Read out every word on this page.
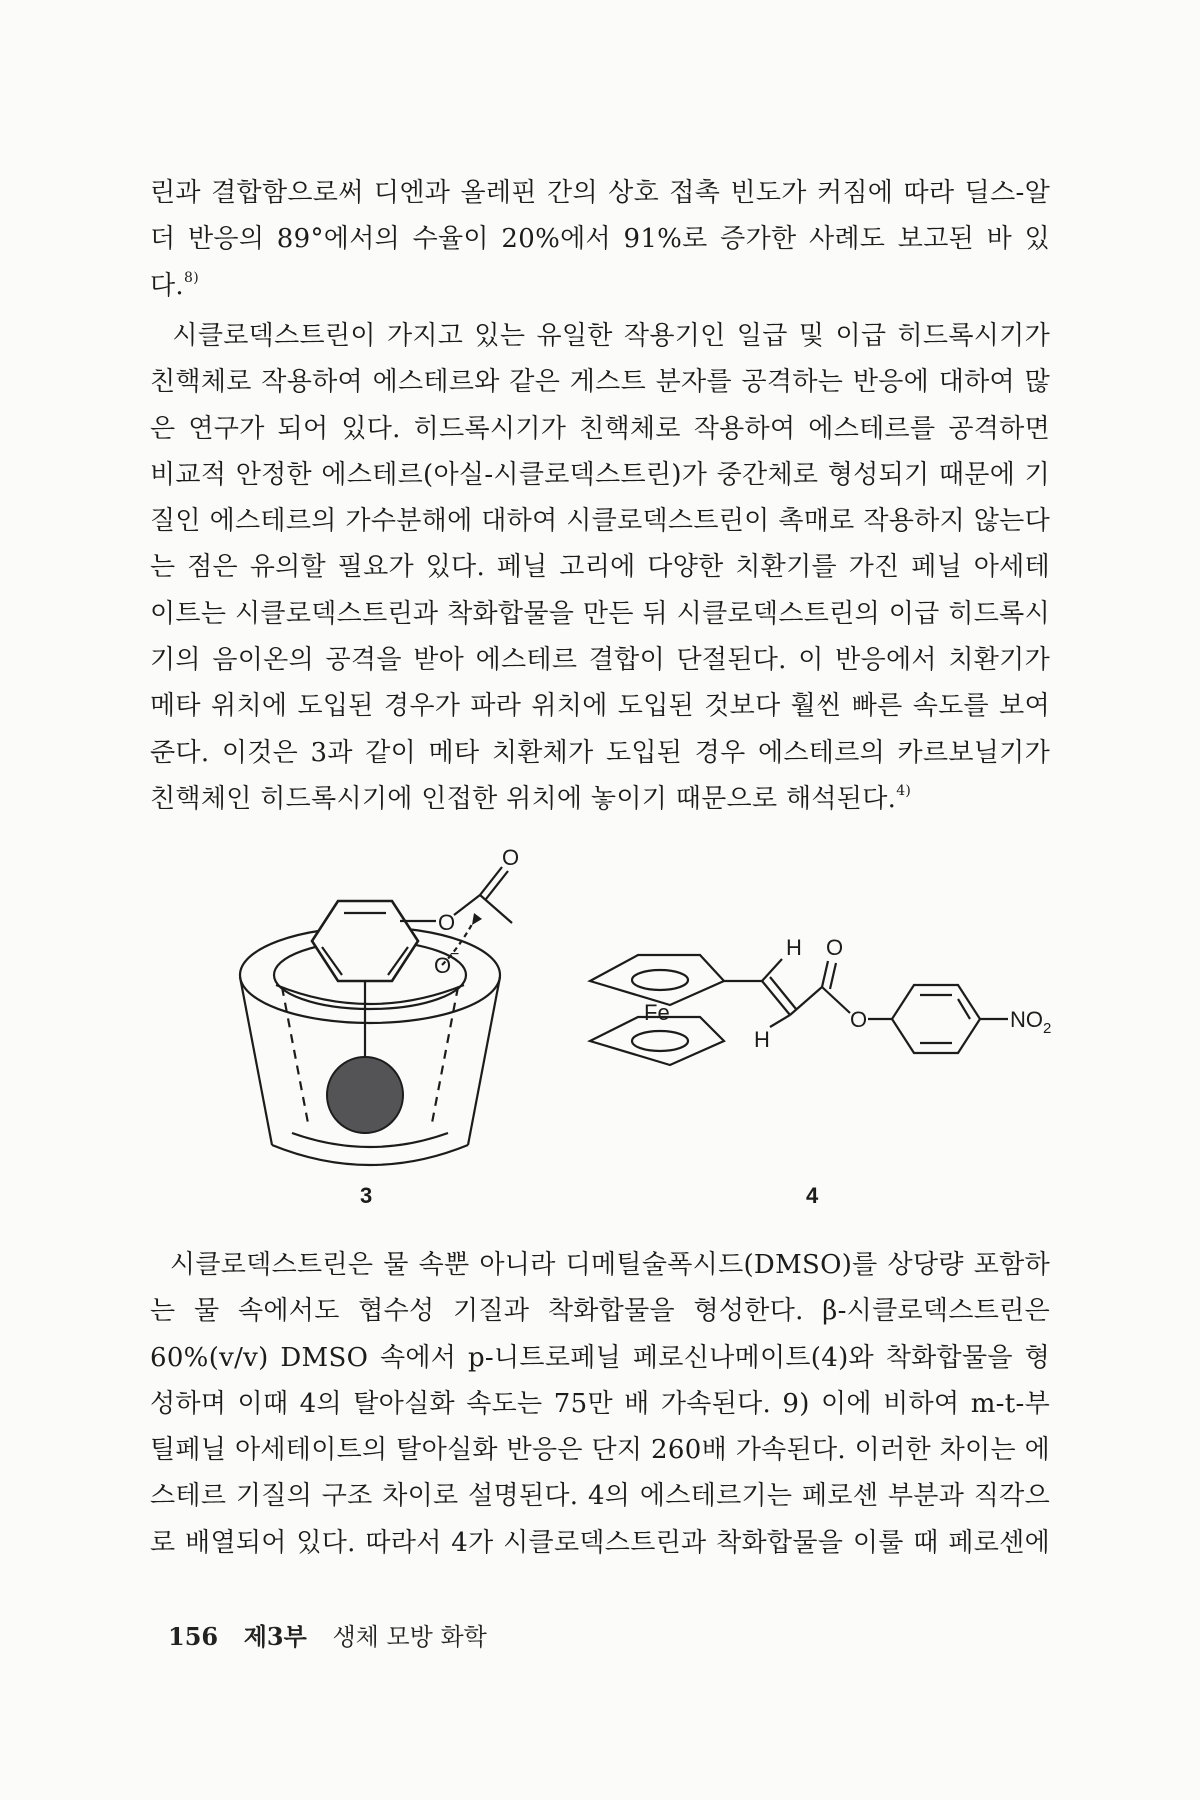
린과 결합함으로써 디엔과 올레핀 간의 상호 접촉 빈도가 커짐에 따라 딜스-알
더 반응의 89°에서의 수율이 20%에서 91%로 증가한 사례도 보고된 바 있
다.$^{8)}$
시클로덱스트린이 가지고 있는 유일한 작용기인 일급 및 이급 히드록시기가
친핵체로 작용하여 에스테르와 같은 게스트 분자를 공격하는 반응에 대하여 많
은 연구가 되어 있다. 히드록시기가 친핵체로 작용하여 에스테르를 공격하면
비교적 안정한 에스테르(아실-시클로덱스트린)가 중간체로 형성되기 때문에 기
질인 에스테르의 가수분해에 대하여 시클로덱스트린이 촉매로 작용하지 않는다
는 점은 유의할 필요가 있다. 페닐 고리에 다양한 치환기를 가진 페닐 아세테
이트는 시클로덱스트린과 착화합물을 만든 뒤 시클로덱스트린의 이급 히드록시
기의 음이온의 공격을 받아 에스테르 결합이 단절된다. 이 반응에서 치환기가
메타 위치에 도입된 경우가 파라 위치에 도입된 것보다 훨씬 빠른 속도를 보여
준다. 이것은 3과 같이 메타 치환체가 도입된 경우 에스테르의 카르보닐기가
친핵체인 히드록시기에 인접한 위치에 놓이기 때문으로 해석된다.$^{4)}$
O
O
O
−
3
H
H
Fe
O
O	$NO_2$
4
시클로덱스트린은 물 속뿐 아니라 디메틸술폭시드(DMSO)를 상당량 포함하
는 물 속에서도 협수성 기질과 착화합물을 형성한다. β-시클로덱스트린은
60%(v/v) DMSO 속에서 p-니트로페닐 페로신나메이트(4)와 착화합물을 형
성하며 이때 4의 탈아실화 속도는 75만 배 가속된다. 9) 이에 비하여 m-t-부
틸페닐 아세테이트의 탈아실화 반응은 단지 260배 가속된다. 이러한 차이는 에
스테르 기질의 구조 차이로 설명된다. 4의 에스테르기는 페로센 부분과 직각으
로 배열되어 있다. 따라서 4가 시클로덱스트린과 착화합물을 이룰 때 페로센에
156 제3부 생체 모방 화학
